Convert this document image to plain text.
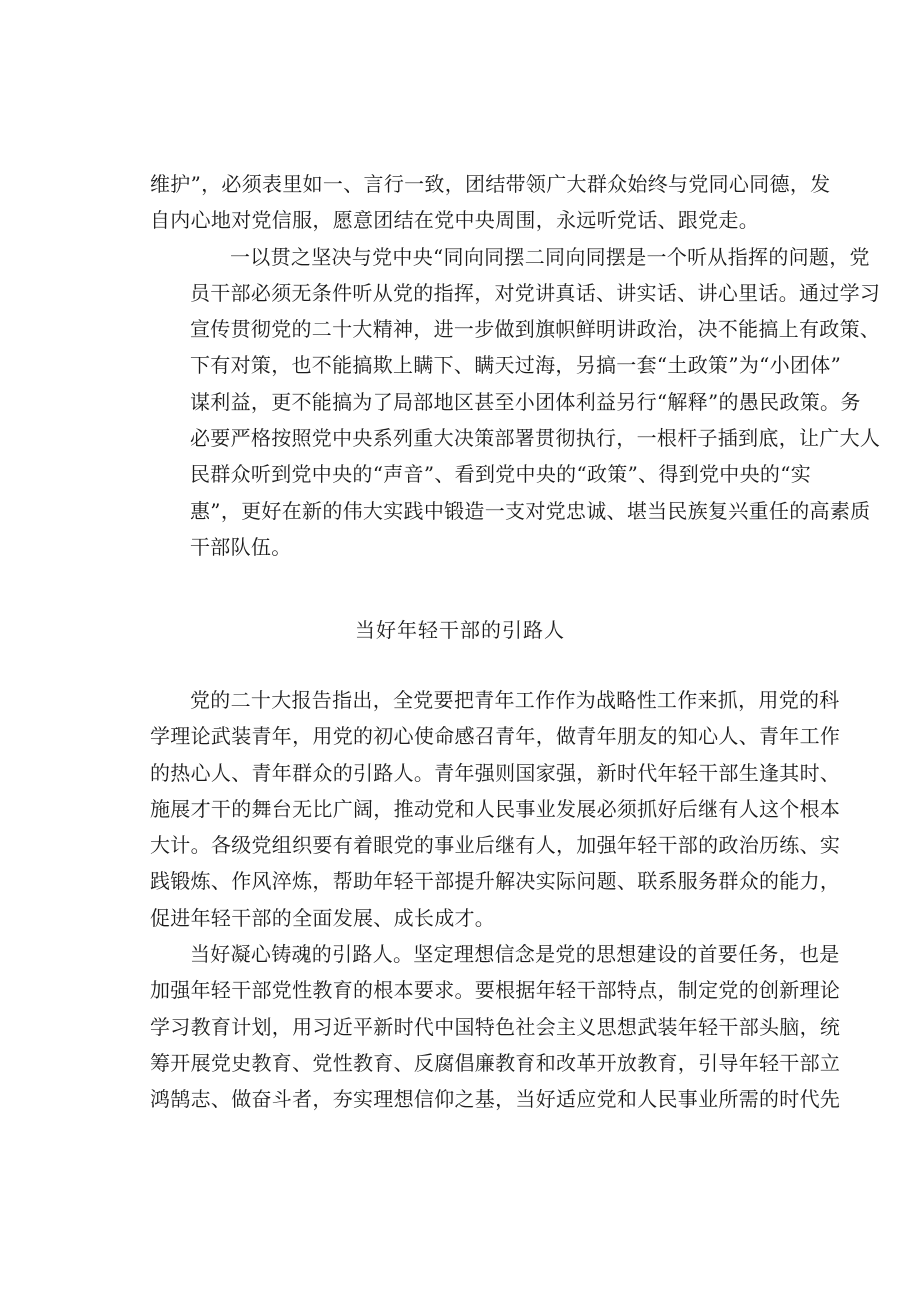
维护”，必须表里如一、言行一致，团结带领广大群众始终与党同心同德，发
自内心地对党信服，愿意团结在党中央周围，永远听党话、跟党走。

一以贯之坚决与党中央“同向同摆二同向同摆是一个听从指挥的问题，党
员干部必须无条件听从党的指挥，对党讲真话、讲实话、讲心里话。通过学习
宣传贯彻党的二十大精神，进一步做到旗帜鲜明讲政治，决不能搞上有政策、
下有对策，也不能搞欺上瞒下、瞒天过海，另搞一套“土政策”为“小团体”
谋利益，更不能搞为了局部地区甚至小团体利益另行“解释”的愚民政策。务
必要严格按照党中央系列重大决策部署贯彻执行，一根杆子插到底，让广大人
民群众听到党中央的“声音”、看到党中央的“政策”、得到党中央的“实
惠”，更好在新的伟大实践中锻造一支对党忠诚、堪当民族复兴重任的高素质
干部队伍。

当好年轻干部的引路人

党的二十大报告指出，全党要把青年工作作为战略性工作来抓，用党的科
学理论武装青年，用党的初心使命感召青年，做青年朋友的知心人、青年工作
的热心人、青年群众的引路人。青年强则国家强，新时代年轻干部生逢其时、
施展才干的舞台无比广阔，推动党和人民事业发展必须抓好后继有人这个根本
大计。各级党组织要有着眼党的事业后继有人，加强年轻干部的政治历练、实
践锻炼、作风淬炼，帮助年轻干部提升解决实际问题、联系服务群众的能力，
促进年轻干部的全面发展、成长成才。

当好凝心铸魂的引路人。坚定理想信念是党的思想建设的首要任务，也是
加强年轻干部党性教育的根本要求。要根据年轻干部特点，制定党的创新理论
学习教育计划，用习近平新时代中国特色社会主义思想武装年轻干部头脑，统
筹开展党史教育、党性教育、反腐倡廉教育和改革开放教育，引导年轻干部立
鸿鹄志、做奋斗者，夯实理想信仰之基，当好适应党和人民事业所需的时代先
